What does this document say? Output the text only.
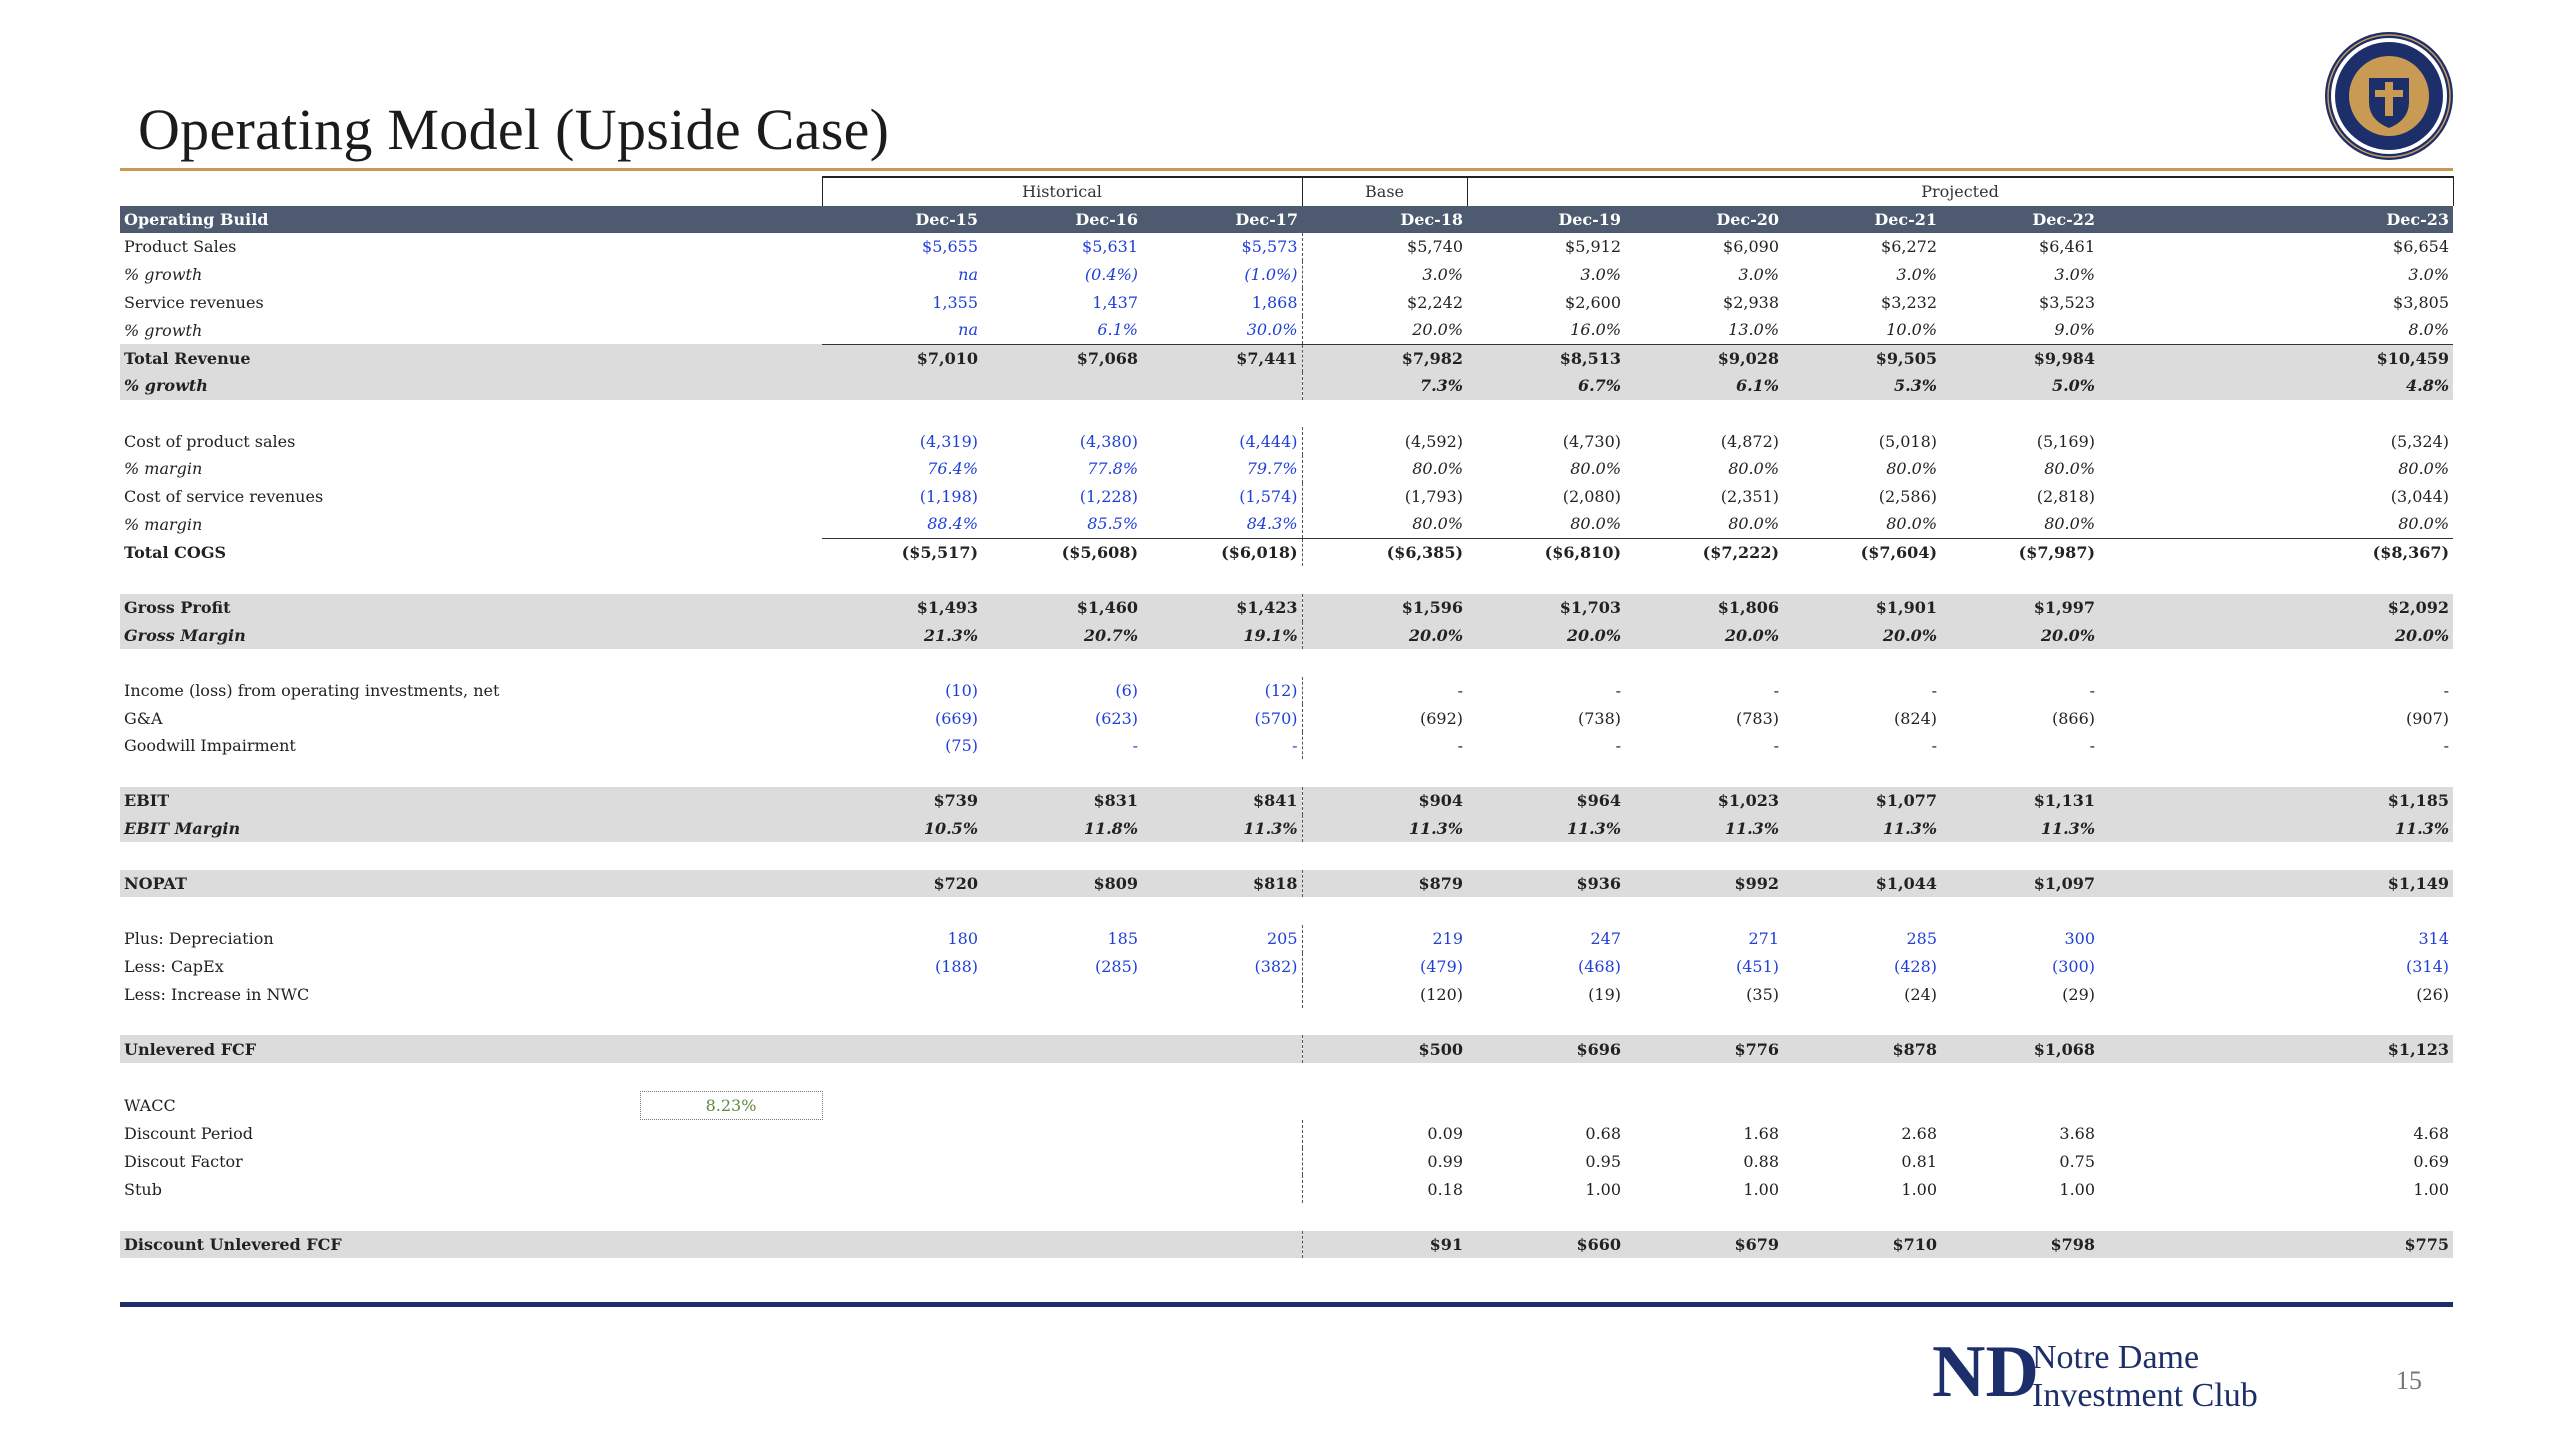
Operating Model (Upside Case)
		Historical			Base	Projected				
Operating Build		Dec-15	Dec-16	Dec-17	Dec-18	Dec-19	Dec-20	Dec-21	Dec-22	Dec-23
Product Sales		$5,655	$5,631	$5,573	$5,740	$5,912	$6,090	$6,272	$6,461	$6,654
% growth		na	(0.4%)	(1.0%)	3.0%	3.0%	3.0%	3.0%	3.0%	3.0%
Service revenues		1,355	1,437	1,868	$2,242	$2,600	$2,938	$3,232	$3,523	$3,805
% growth		na	6.1%	30.0%	20.0%	16.0%	13.0%	10.0%	9.0%	8.0%
Total Revenue		$7,010	$7,068	$7,441	$7,982	$8,513	$9,028	$9,505	$9,984	$10,459
% growth					7.3%	6.7%	6.1%	5.3%	5.0%	4.8%

Cost of product sales		(4,319)	(4,380)	(4,444)	(4,592)	(4,730)	(4,872)	(5,018)	(5,169)	(5,324)
% margin		76.4%	77.8%	79.7%	80.0%	80.0%	80.0%	80.0%	80.0%	80.0%
Cost of service revenues		(1,198)	(1,228)	(1,574)	(1,793)	(2,080)	(2,351)	(2,586)	(2,818)	(3,044)
% margin		88.4%	85.5%	84.3%	80.0%	80.0%	80.0%	80.0%	80.0%	80.0%
Total COGS		($5,517)	($5,608)	($6,018)	($6,385)	($6,810)	($7,222)	($7,604)	($7,987)	($8,367)

Gross Profit		$1,493	$1,460	$1,423	$1,596	$1,703	$1,806	$1,901	$1,997	$2,092
Gross Margin		21.3%	20.7%	19.1%	20.0%	20.0%	20.0%	20.0%	20.0%	20.0%

Income (loss) from operating investments, net		(10)	(6)	(12)	-	-	-	-	-	-
G&A		(669)	(623)	(570)	(692)	(738)	(783)	(824)	(866)	(907)
Goodwill Impairment		(75)	-	-	-	-	-	-	-	-

EBIT		$739	$831	$841	$904	$964	$1,023	$1,077	$1,131	$1,185
EBIT Margin		10.5%	11.8%	11.3%	11.3%	11.3%	11.3%	11.3%	11.3%	11.3%

NOPAT		$720	$809	$818	$879	$936	$992	$1,044	$1,097	$1,149

Plus: Depreciation		180	185	205	219	247	271	285	300	314
Less: CapEx		(188)	(285)	(382)	(479)	(468)	(451)	(428)	(300)	(314)
Less: Increase in NWC					(120)	(19)	(35)	(24)	(29)	(26)

Unlevered FCF					$500	$696	$776	$878	$1,068	$1,123

WACC	8.23%									
Discount Period					0.09	0.68	1.68	2.68	3.68	4.68
Discout Factor					0.99	0.95	0.88	0.81	0.75	0.69
Stub					0.18	1.00	1.00	1.00	1.00	1.00

Discount Unlevered FCF					$91	$660	$679	$710	$798	$775
ND
Notre Dame
Investment Club	15
